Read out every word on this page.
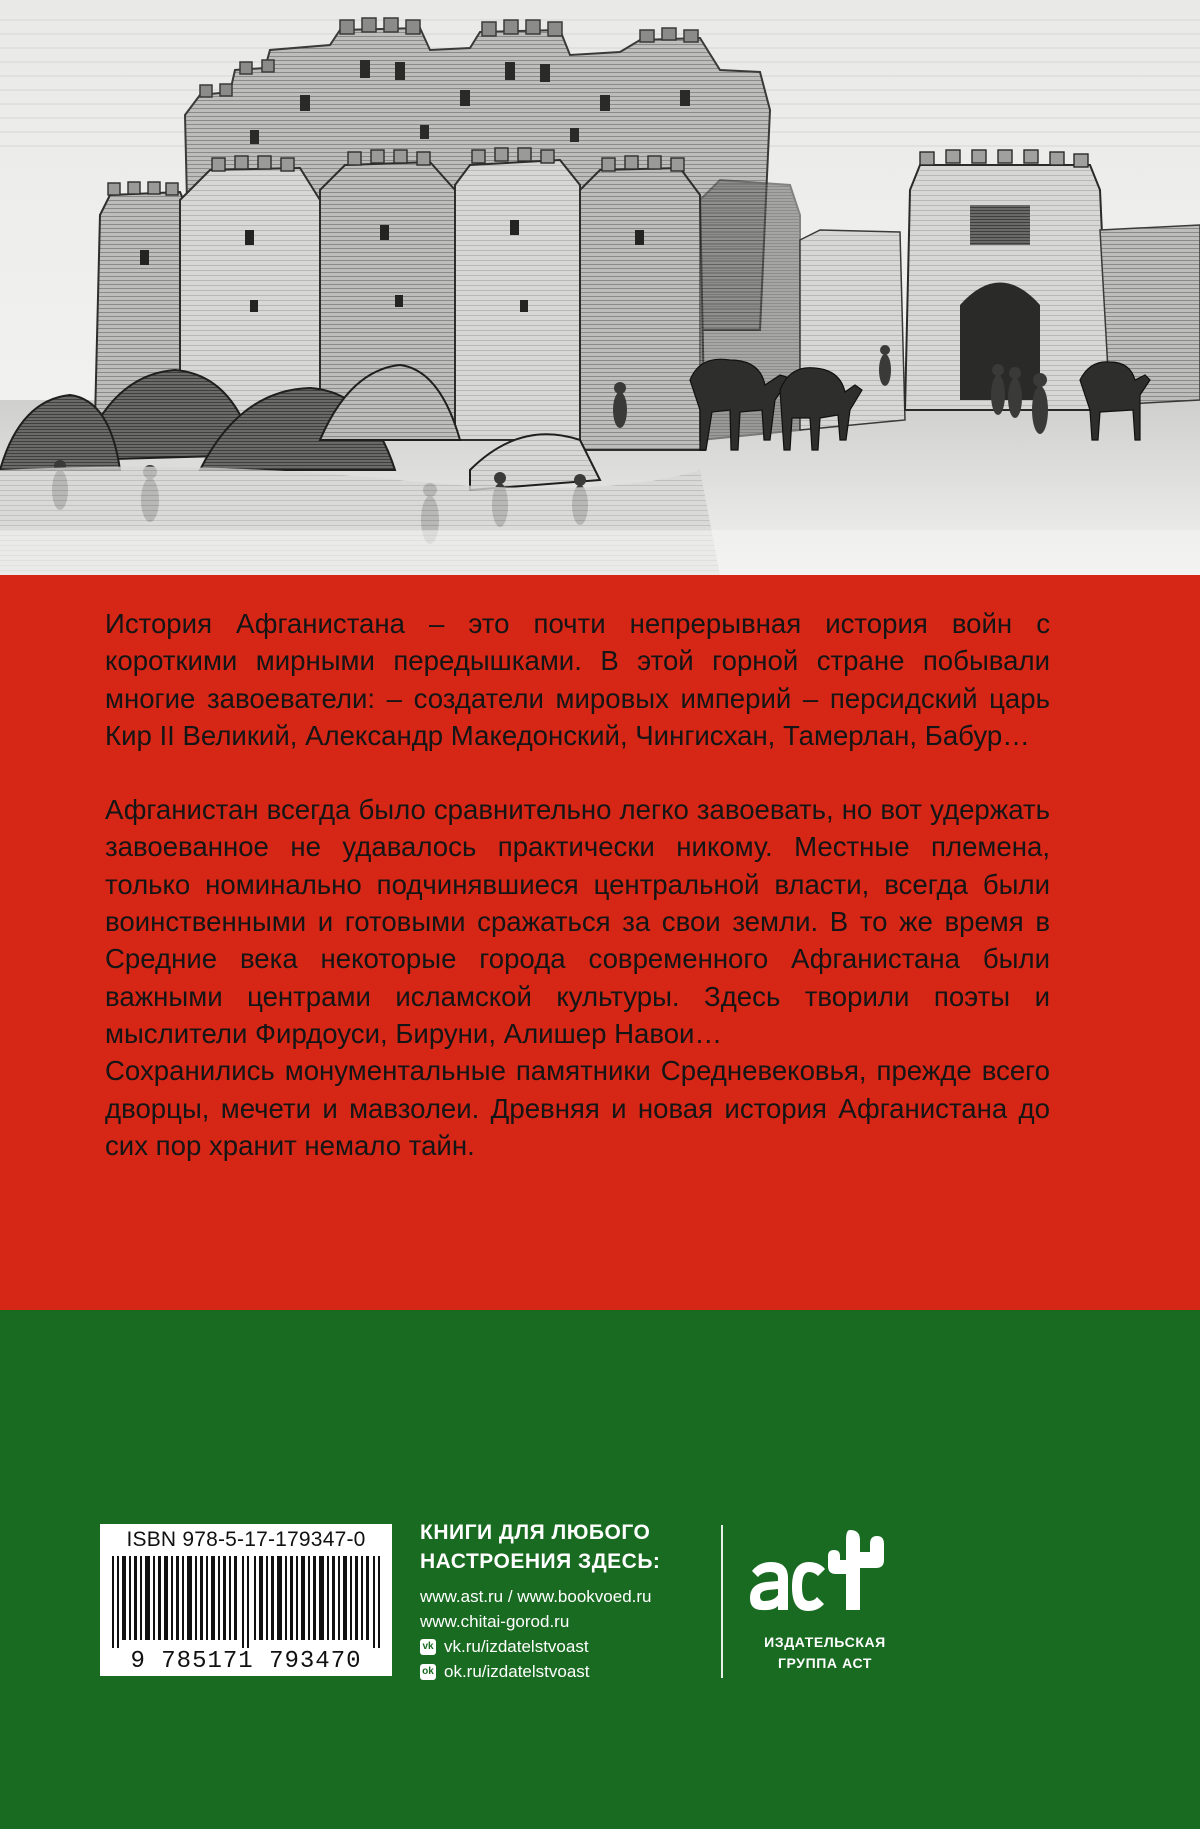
История Афганистана – это почти непрерывная история войн с короткими мирными передышками. В этой горной стране побывали многие завоеватели: – создатели мировых империй – персидский царь Кир II Великий, Александр Македонский, Чингисхан, Тамерлан, Бабур…

Афганистан всегда было сравнительно легко завоевать, но вот удержать завоеванное не удавалось практически никому. Местные племена, только номинально подчинявшиеся центральной власти, всегда были воинственными и готовыми сражаться за свои земли. В то же время в Средние века некоторые города современного Афганистана были важными центрами исламской культуры. Здесь творили поэты и мыслители Фирдоуси, Бируни, Алишер Навои…

Сохранились монументальные памятники Средневековья, прежде всего дворцы, мечети и мавзолеи. Древняя и новая история Афганистана до сих пор хранит немало тайн.

ISBN 978-5-17-179347-0
9 785171 793470
КНИГИ ДЛЯ ЛЮБОГО
НАСТРОЕНИЯ ЗДЕСЬ:
www.ast.ru / www.bookvoed.ru
www.chitai-gorod.ru
vk vk.ru/izdatelstvoast
ok ok.ru/izdatelstvoast
ИЗДАТЕЛЬСКАЯ
ГРУППА АСТ
